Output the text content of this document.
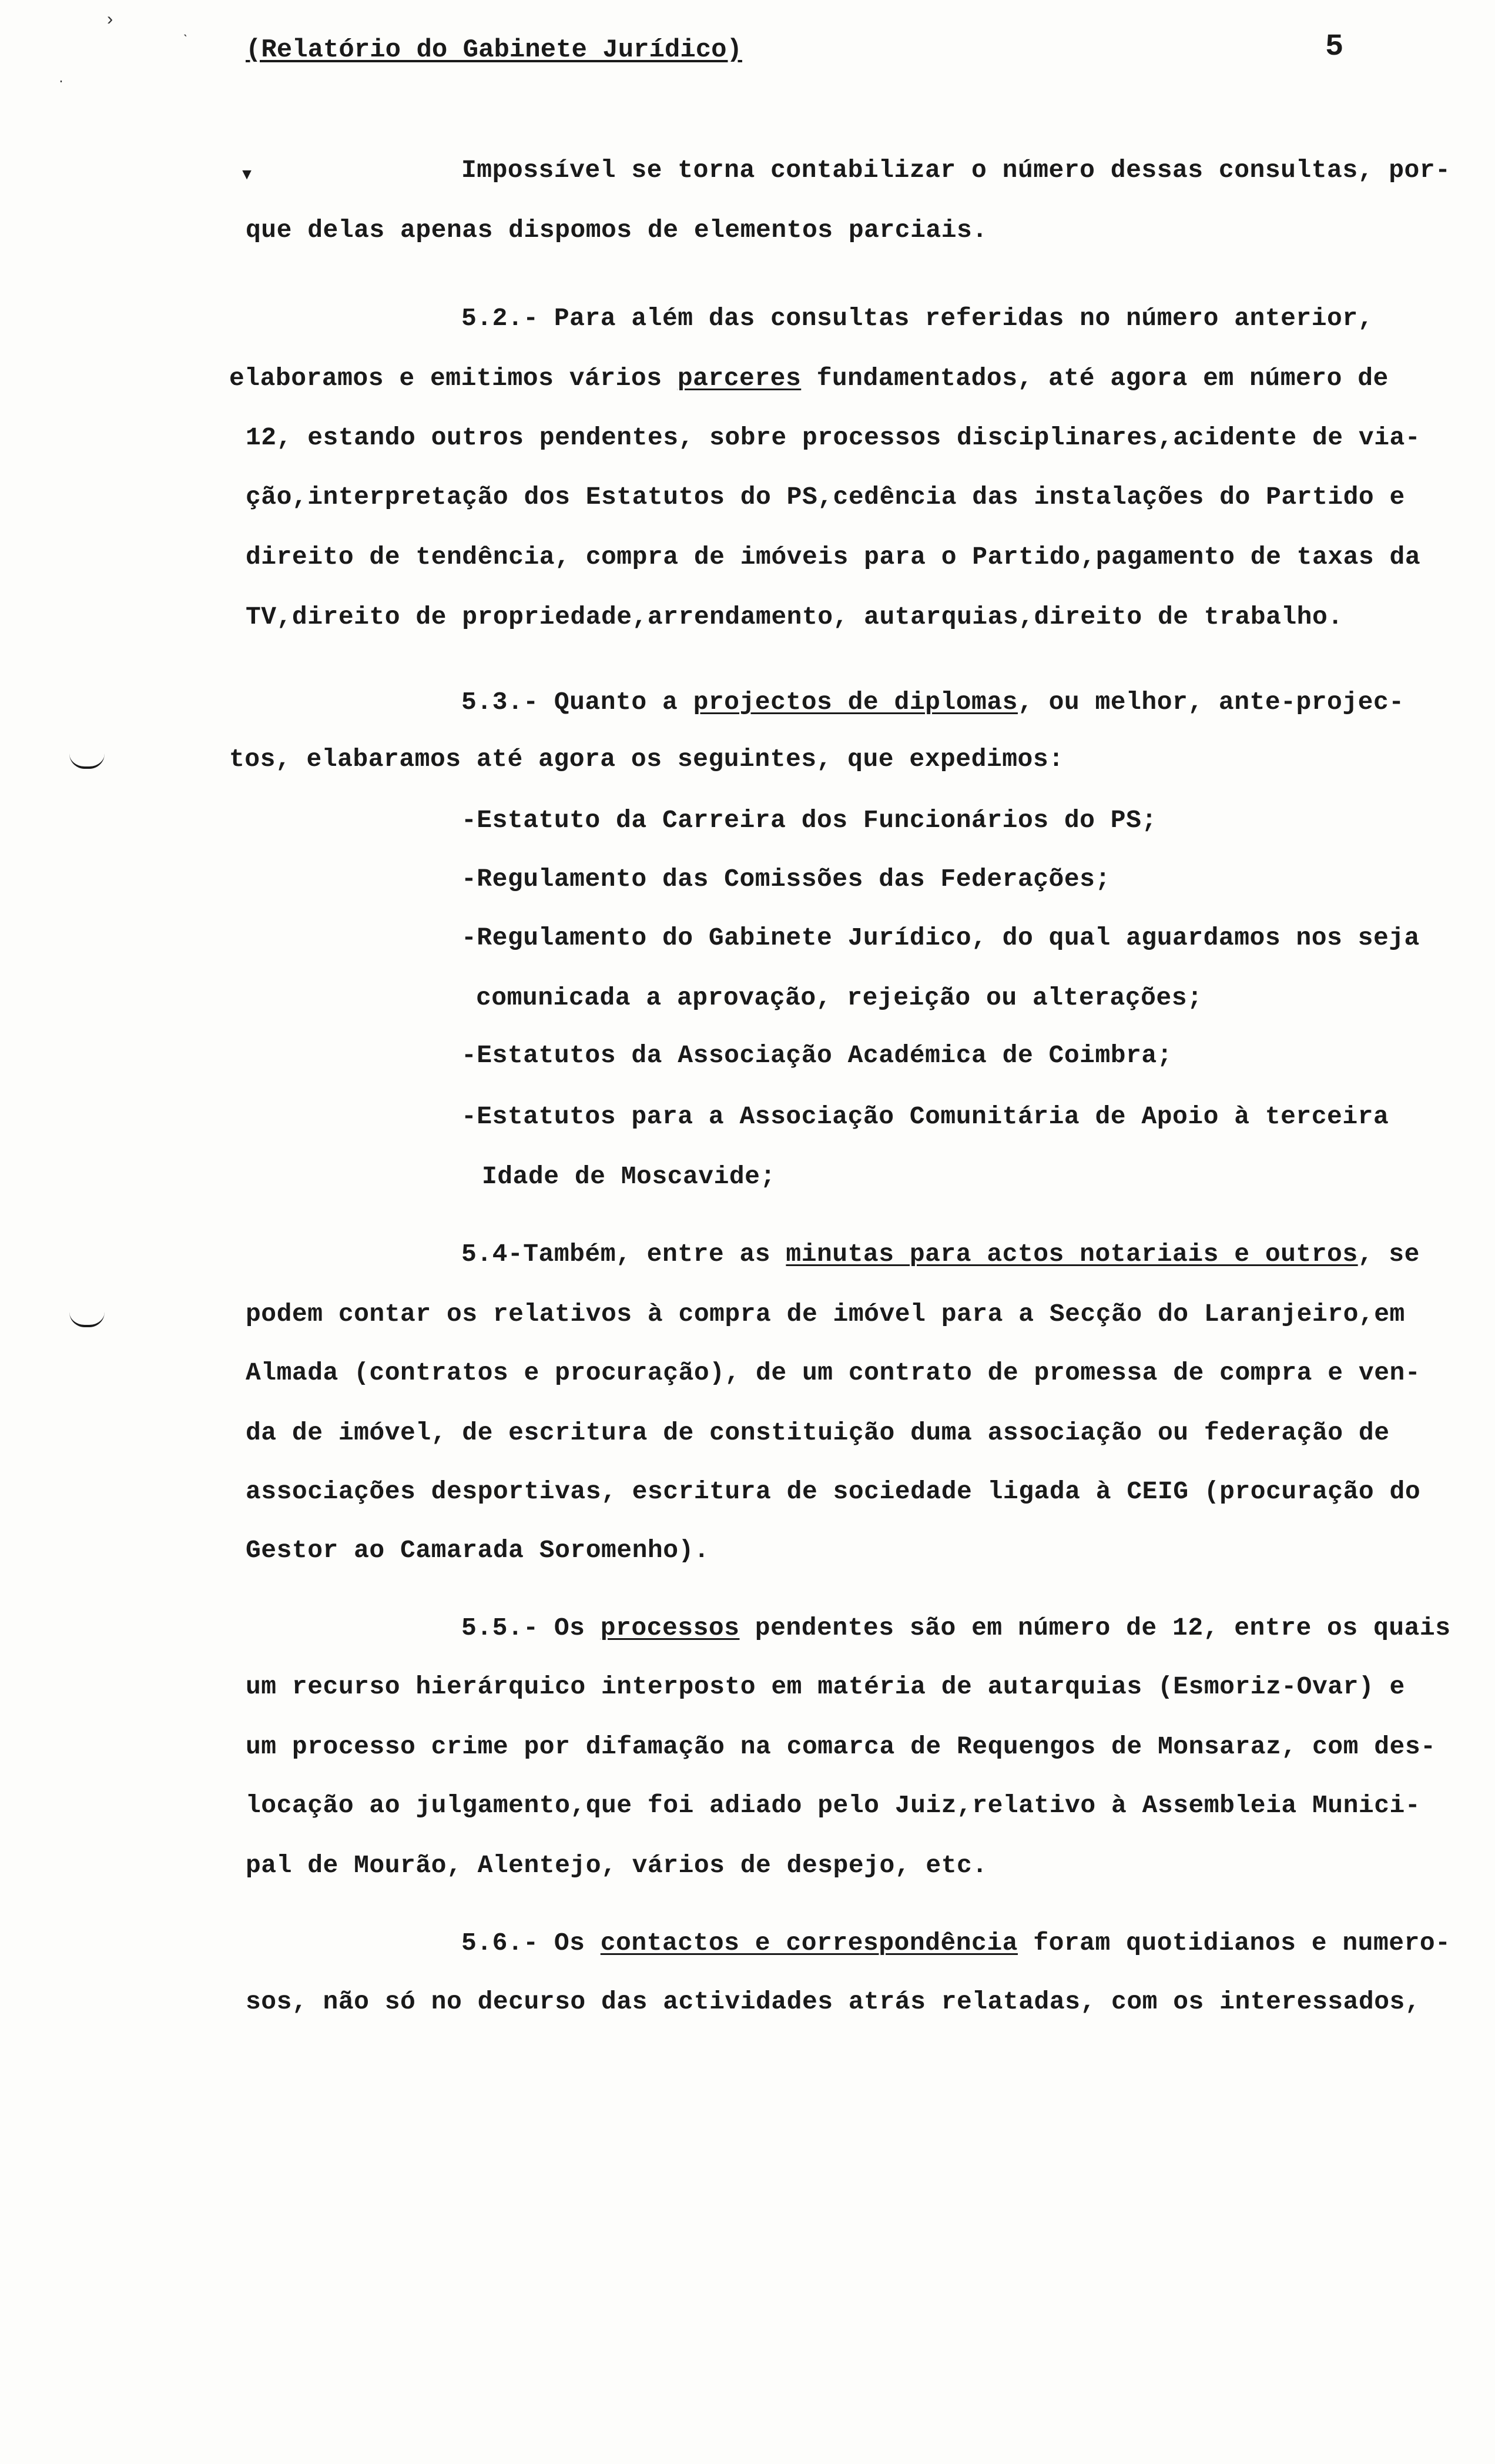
›	ˎ
·
(Relatório do Gabinete Jurídico)	5
▾	Impossível se torna contabilizar o número dessas consultas, por-
que delas apenas dispomos de elementos parciais.
5.2.- Para além das consultas referidas no número anterior,
elaboramos e emitimos vários parceres fundamentados, até agora em número de
12, estando outros pendentes, sobre processos disciplinares,acidente de via-
ção,interpretação dos Estatutos do PS,cedência das instalações do Partido e
direito de tendência, compra de imóveis para o Partido,pagamento de taxas da
TV,direito de propriedade,arrendamento, autarquias,direito de trabalho.
5.3.- Quanto a projectos de diplomas, ou melhor, ante-projec-
tos, elabaramos até agora os seguintes, que expedimos:
-Estatuto da Carreira dos Funcionários do PS;
-Regulamento das Comissões das Federações;
-Regulamento do Gabinete Jurídico, do qual aguardamos nos seja
comunicada a aprovação, rejeição ou alterações;
-Estatutos da Associação Académica de Coimbra;
-Estatutos para a Associação Comunitária de Apoio à terceira
Idade de Moscavide;
5.4-Também, entre as minutas para actos notariais e outros, se
podem contar os relativos à compra de imóvel para a Secção do Laranjeiro,em
Almada (contratos e procuração), de um contrato de promessa de compra e ven-
da de imóvel, de escritura de constituição duma associação ou federação de
associações desportivas, escritura de sociedade ligada à CEIG (procuração do
Gestor ao Camarada Soromenho).
5.5.- Os processos pendentes são em número de 12, entre os quais
um recurso hierárquico interposto em matéria de autarquias (Esmoriz-Ovar) e
um processo crime por difamação na comarca de Requengos de Monsaraz, com des-
locação ao julgamento,que foi adiado pelo Juiz,relativo à Assembleia Munici-
pal de Mourão, Alentejo, vários de despejo, etc.
5.6.- Os contactos e correspondência foram quotidianos e numero-
sos, não só no decurso das actividades atrás relatadas, com os interessados,
